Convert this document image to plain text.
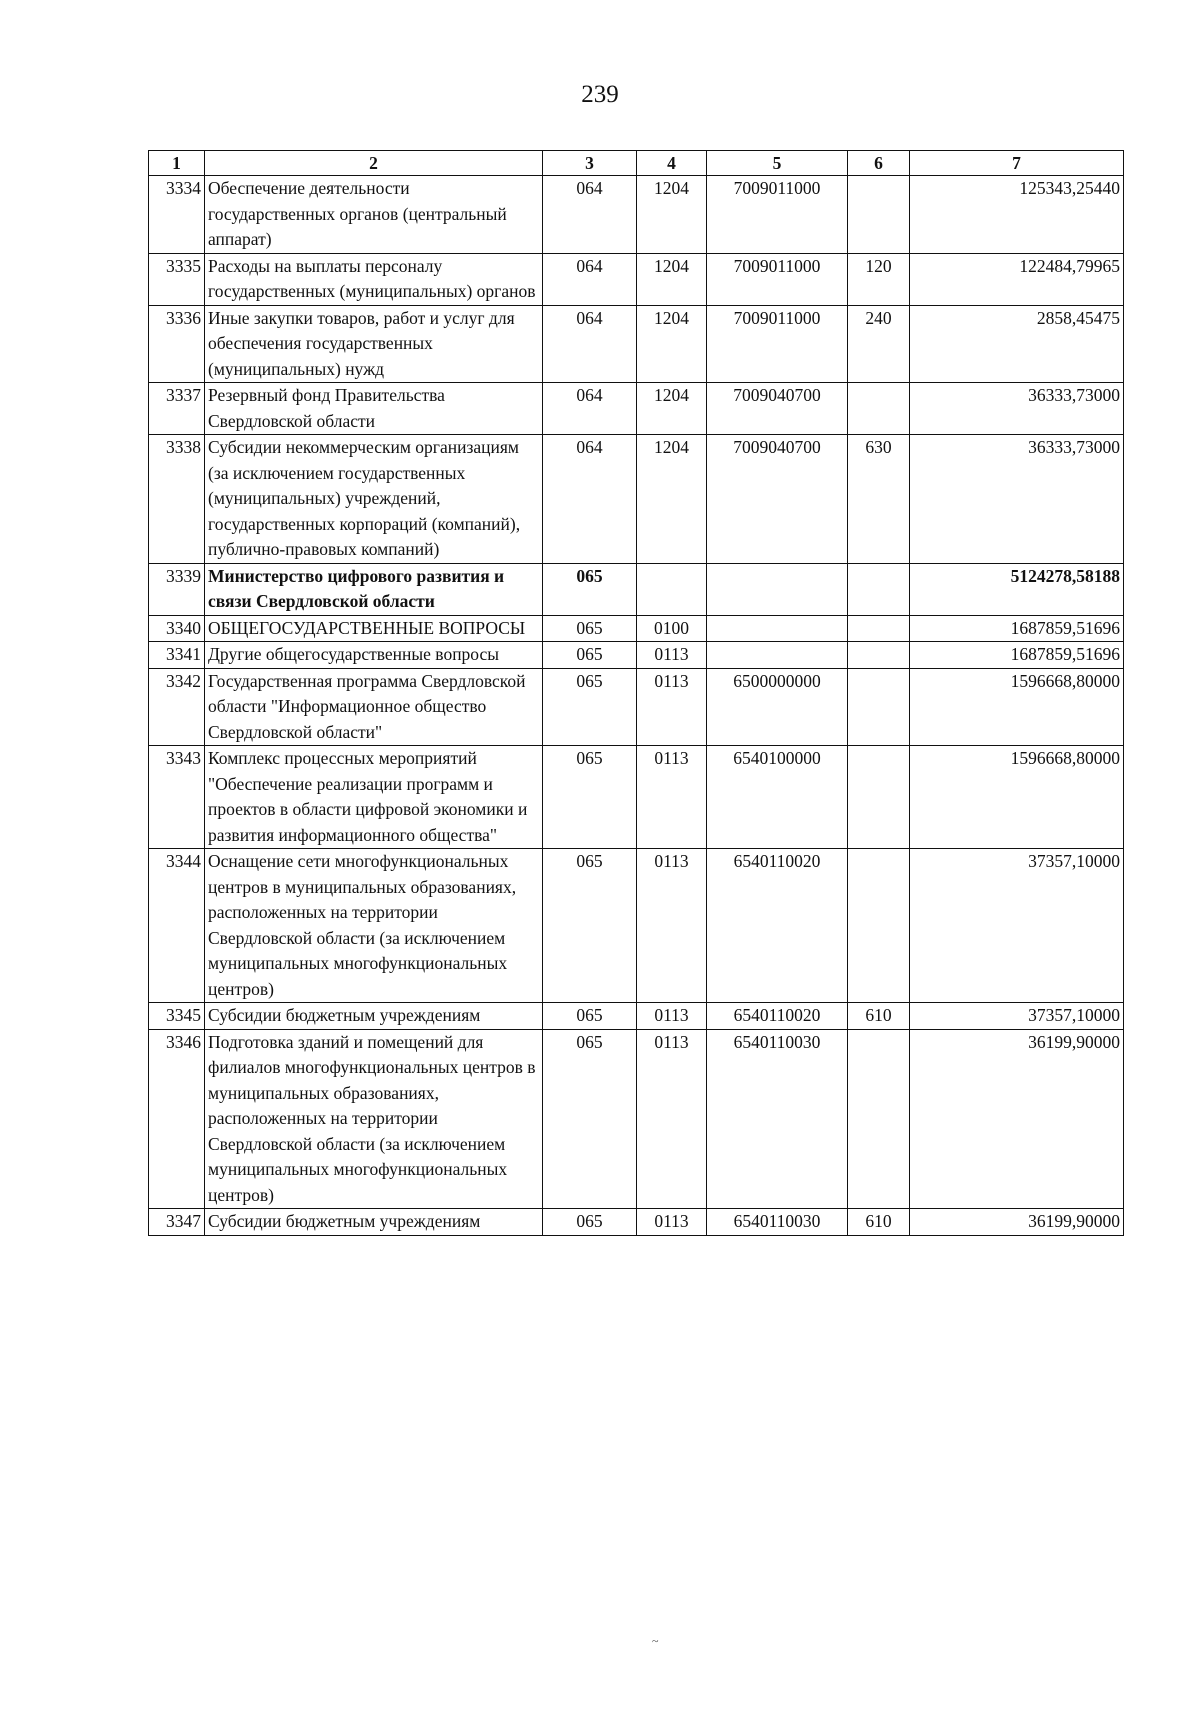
239
1	2	3	4	5	6	7
3334	Обеспечение деятельности государственных органов (центральный аппарат)	064	1204	7009011000		125343,25440
3335	Расходы на выплаты персоналу государственных (муниципальных) органов	064	1204	7009011000	120	122484,79965
3336	Иные закупки товаров, работ и услуг для обеспечения государственных (муниципальных) нужд	064	1204	7009011000	240	2858,45475
3337	Резервный фонд Правительства Свердловской области	064	1204	7009040700		36333,73000
3338	Субсидии некоммерческим организациям (за исключением государственных (муниципальных) учреждений, государственных корпораций (компаний), публично-правовых компаний)	064	1204	7009040700	630	36333,73000
3339	Министерство цифрового развития и связи Свердловской области	065				5124278,58188
3340	ОБЩЕГОСУДАРСТВЕННЫЕ ВОПРОСЫ	065	0100			1687859,51696
3341	Другие общегосударственные вопросы	065	0113			1687859,51696
3342	Государственная программа Свердловской области "Информационное общество Свердловской области"	065	0113	6500000000		1596668,80000
3343	Комплекс процессных мероприятий "Обеспечение реализации программ и проектов в области цифровой экономики и развития информационного общества"	065	0113	6540100000		1596668,80000
3344	Оснащение сети многофункциональных центров в муниципальных образованиях, расположенных на территории Свердловской области (за исключением муниципальных многофункциональных центров)	065	0113	6540110020		37357,10000
3345	Субсидии бюджетным учреждениям	065	0113	6540110020	610	37357,10000
3346	Подготовка зданий и помещений для филиалов многофункциональных центров в муниципальных образованиях, расположенных на территории Свердловской области (за исключением муниципальных многофункциональных центров)	065	0113	6540110030		36199,90000
3347	Субсидии бюджетным учреждениям	065	0113	6540110030	610	36199,90000
~
